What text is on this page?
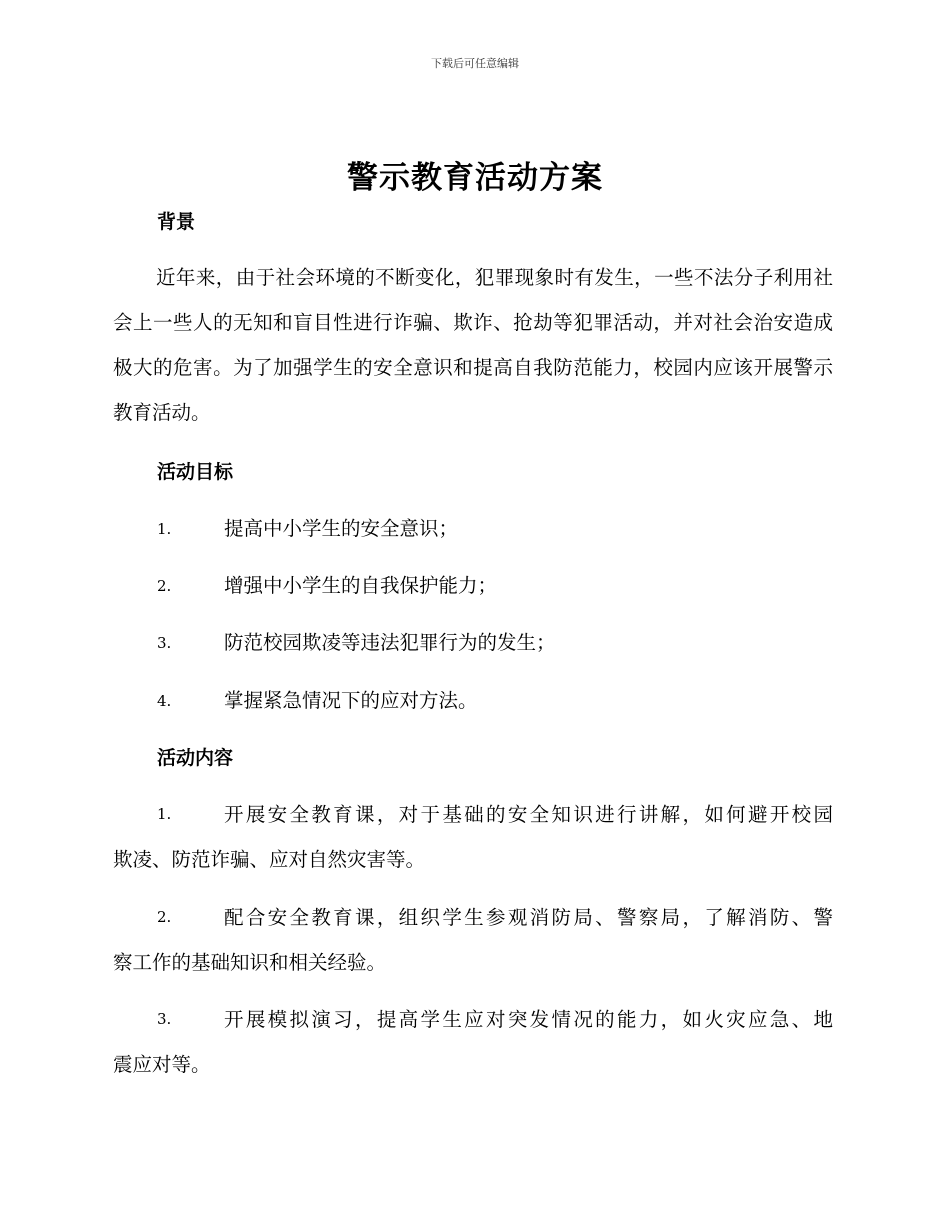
下载后可任意编辑
警示教育活动方案
背景
近年来，由于社会环境的不断变化，犯罪现象时有发生，一些不法分子利用社会上一些人的无知和盲目性进行诈骗、欺诈、抢劫等犯罪活动，并对社会治安造成极大的危害。为了加强学生的安全意识和提高自我防范能力，校园内应该开展警示教育活动。
活动目标
1.	提高中小学生的安全意识；
2.	增强中小学生的自我保护能力；
3.	防范校园欺凌等违法犯罪行为的发生；
4.	掌握紧急情况下的应对方法。
活动内容
1.	开展安全教育课，对于基础的安全知识进行讲解，如何避开校园
欺凌、防范诈骗、应对自然灾害等。
2.	配合安全教育课，组织学生参观消防局、警察局，了解消防、警
察工作的基础知识和相关经验。
3.	开展模拟演习，提高学生应对突发情况的能力，如火灾应急、地
震应对等。
